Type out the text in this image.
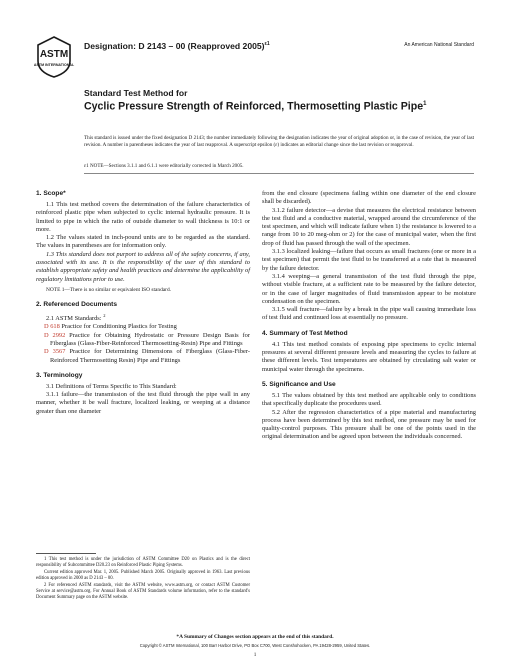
ASTM
ASTM INTERNATIONAL
Designation: D 2143 – 00 (Reapproved 2005)$^{\varepsilon 1}$	An American National Standard

Standard Test Method for

Cyclic Pressure Strength of Reinforced, Thermosetting Plastic Pipe$^1$

This standard is issued under the fixed designation D 2143; the number immediately following the designation indicates the year of original adoption or, in the case of revision, the year of last revision. A number in parentheses indicates the year of last reapproval. A superscript epsilon (ε) indicates an editorial change since the last revision or reapproval.
ε1 NOTE—Sections 3.1.1 and 6.1.1 were editorially corrected in March 2005.
1. Scope*

1.1 This test method covers the determination of the failure characteristics of reinforced plastic pipe when subjected to cyclic internal hydraulic pressure. It is limited to pipe in which the ratio of outside diameter to wall thickness is 10:1 or more.

1.2 The values stated in inch-pound units are to be regarded as the standard. The values in parentheses are for information only.

1.3 This standard does not purport to address all of the safety concerns, if any, associated with its use. It is the responsibility of the user of this standard to establish appropriate safety and health practices and determine the applicability of regulatory limitations prior to use.

NOTE 1—There is no similar or equivalent ISO standard.

2. Referenced Documents

2.1 ASTM Standards: $^2$

D 618 Practice for Conditioning Plastics for Testing

D 2992 Practice for Obtaining Hydrostatic or Pressure Design Basis for Fiberglass (Glass-Fiber-Reinforced Thermosetting-Resin) Pipe and Fittings

D 3567 Practice for Determining Dimensions of Fiberglass (Glass-Fiber-Reinforced Thermosetting Resin) Pipe and Fittings

3. Terminology

3.1 Definitions of Terms Specific to This Standard:

3.1.1 failure—the transmission of the test fluid through the pipe wall in any manner, whether it be wall fracture, localized leaking, or weeping at a distance greater than one diameter

from the end closure (specimens failing within one diameter of the end closure shall be discarded).

3.1.2 failure detector—a devise that measures the electrical resistance between the test fluid and a conductive material, wrapped around the circumference of the test specimen, and which will indicate failure when 1) the resistance is lowered to a range from 10 to 20 meg-ohm or 2) for the case of municipal water, when the first drop of fluid has passed through the wall of the specimen.

3.1.3 localized leaking—failure that occurs as small fractures (one or more in a test specimen) that permit the test fluid to be transferred at a rate that is measured by the failure detector.

3.1.4 weeping—a general transmission of the test fluid through the pipe, without visible fracture, at a sufficient rate to be measured by the failure detector, or in the case of larger magnitudes of fluid transmission appear to be moisture condensation on the specimen.

3.1.5 wall fracture—failure by a break in the pipe wall causing immediate loss of test fluid and continued loss at essentially no pressure.

4. Summary of Test Method

4.1 This test method consists of exposing pipe specimens to cyclic internal pressures at several different pressure levels and measuring the cycles to failure at these different levels. Test temperatures are obtained by circulating salt water or municipal water through the specimens.

5. Significance and Use

5.1 The values obtained by this test method are applicable only to conditions that specifically duplicate the procedures used.

5.2 After the regression characteristics of a pipe material and manufacturing process have been determined by this test method, one pressure may be used for quality-control purposes. This pressure shall be one of the points used in the original determination and be agreed upon between the individuals concerned.

1 This test method is under the jurisdiction of ASTM Committee D20 on Plastics and is the direct responsibility of Subcommittee D20.23 on Reinforced Plastic Piping Systems.

Current edition approved Mar. 1, 2005. Published March 2005. Originally approved in 1963. Last previous edition approved in 2000 as D 2143 – 00.

2 For referenced ASTM standards, visit the ASTM website, www.astm.org, or contact ASTM Customer Service at service@astm.org. For Annual Book of ASTM Standards volume information, refer to the standard's Document Summary page on the ASTM website.

*A Summary of Changes section appears at the end of this standard.
Copyright © ASTM International, 100 Barr Harbor Drive, PO Box C700, West Conshohocken, PA 19428-2959, United States.
1
